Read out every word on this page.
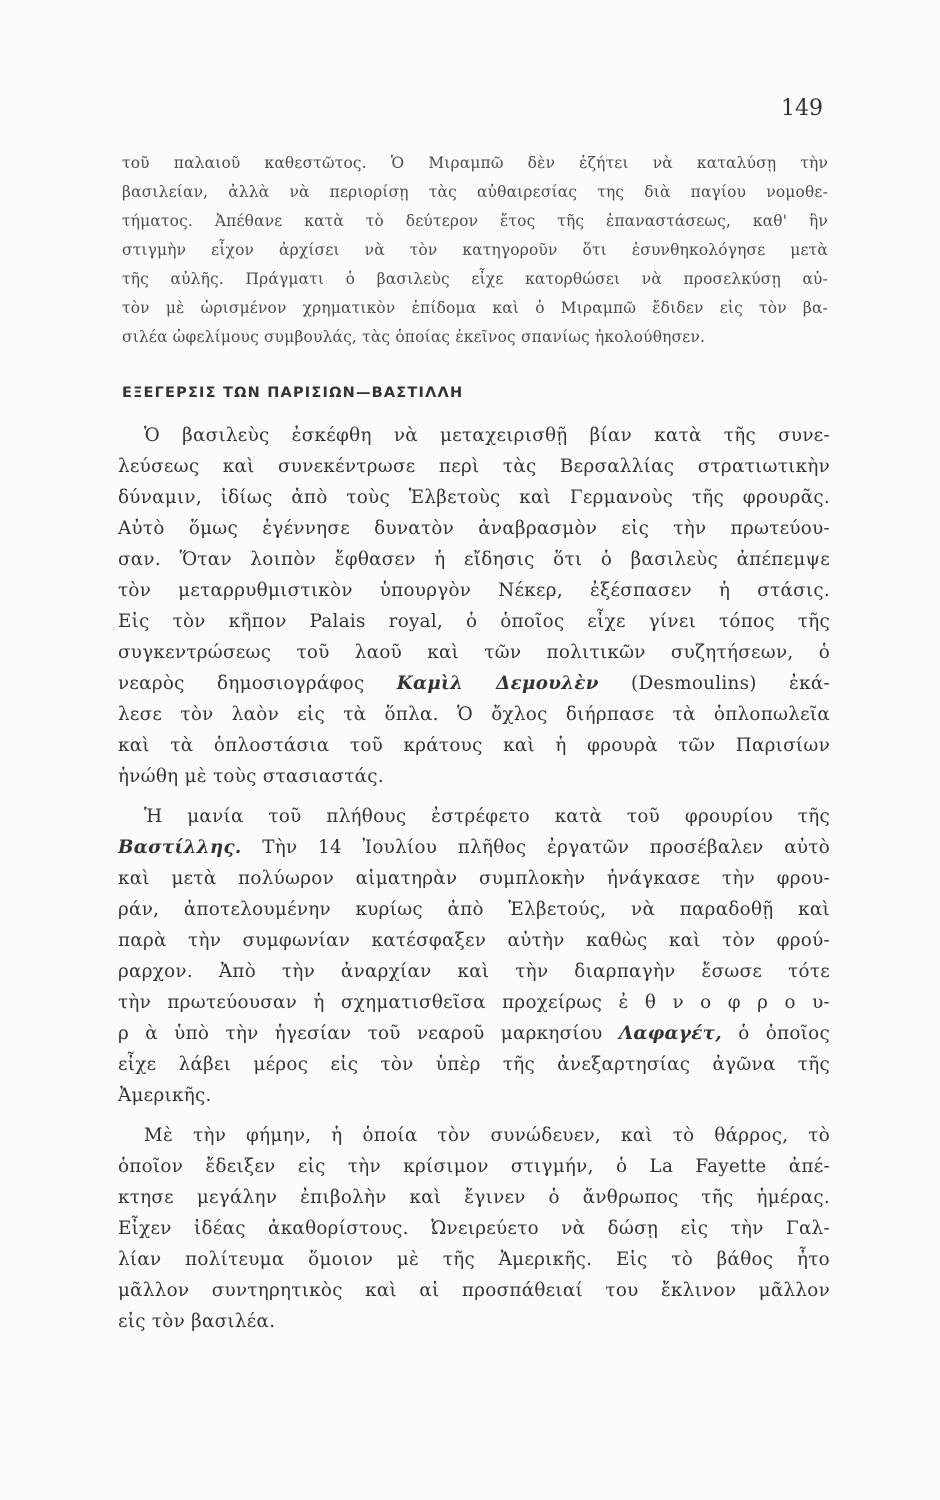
149
τοῦ παλαιοῦ καθεστῶτος. Ὁ Μιραμπῶ δὲν ἐζήτει νὰ καταλύσῃ τὴν
βασιλείαν, ἀλλὰ νὰ περιορίσῃ τὰς αὐθαιρεσίας της διὰ παγίου νομοθε-
τήματος. Ἀπέθανε κατὰ τὸ δεύτερον ἔτος τῆς ἐπαναστάσεως, καθ' ἣν
στιγμὴν εἶχον ἀρχίσει νὰ τὸν κατηγοροῦν ὅτι ἐσυνθηκολόγησε μετὰ
τῆς αὐλῆς. Πράγματι ὁ βασιλεὺς εἶχε κατορθώσει νὰ προσελκύσῃ αὐ-
τὸν μὲ ὡρισμένον χρηματικὸν ἐπίδομα καὶ ὁ Μιραμπῶ ἔδιδεν εἰς τὸν βα-
σιλέα ὠφελίμους συμβουλάς, τὰς ὁποίας ἐκεῖνος σπανίως ἠκολούθησεν.
ΕΞΕΓΕΡΣΙΣ ΤΩΝ ΠΑΡΙΣΙΩΝ—ΒΑΣΤΙΛΛΗ
Ὁ βασιλεὺς ἐσκέφθη νὰ μεταχειρισθῇ βίαν κατὰ τῆς συνε-
λεύσεως καὶ συνεκέντρωσε περὶ τὰς Βερσαλλίας στρατιωτικὴν
δύναμιν, ἰδίως ἀπὸ τοὺς Ἑλβετοὺς καὶ Γερμανοὺς τῆς φρουρᾶς.
Αὐτὸ ὅμως ἐγέννησε δυνατὸν ἀναβρασμὸν εἰς τὴν πρωτεύου-
σαν. Ὅταν λοιπὸν ἔφθασεν ἡ εἴδησις ὅτι ὁ βασιλεὺς ἀπέπεμψε
τὸν μεταρρυθμιστικὸν ὑπουργὸν Νέκερ, ἐξέσπασεν ἡ στάσις.
Εἰς τὸν κῆπον Palais royal, ὁ ὁποῖος εἶχε γίνει τόπος τῆς
συγκεντρώσεως τοῦ λαοῦ καὶ τῶν πολιτικῶν συζητήσεων, ὁ
νεαρὸς δημοσιογράφος Καμὶλ Δεμουλὲν (Desmoulins) ἐκά-
λεσε τὸν λαὸν εἰς τὰ ὅπλα. Ὁ ὄχλος διήρπασε τὰ ὁπλοπωλεῖα
καὶ τὰ ὁπλοστάσια τοῦ κράτους καὶ ἡ φρουρὰ τῶν Παρισίων
ἡνώθη μὲ τοὺς στασιαστάς.
Ἡ μανία τοῦ πλήθους ἐστρέφετο κατὰ τοῦ φρουρίου τῆς
Βαστίλλης. Τὴν 14 Ἰουλίου πλῆθος ἐργατῶν προσέβαλεν αὐτὸ
καὶ μετὰ πολύωρον αἱματηρὰν συμπλοκὴν ἠνάγκασε τὴν φρου-
ράν, ἀποτελουμένην κυρίως ἀπὸ Ἑλβετούς, νὰ παραδοθῇ καὶ
παρὰ τὴν συμφωνίαν κατέσφαξεν αὐτὴν καθὼς καὶ τὸν φρού-
ραρχον. Ἀπὸ τὴν ἀναρχίαν καὶ τὴν διαρπαγὴν ἔσωσε τότε
τὴν πρωτεύουσαν ἡ σχηματισθεῖσα προχείρως ἐ θ ν ο φ ρ ο υ-
ρ ὰ ὑπὸ τὴν ἡγεσίαν τοῦ νεαροῦ μαρκησίου Λαφαγέτ, ὁ ὁποῖος
εἶχε λάβει μέρος εἰς τὸν ὑπὲρ τῆς ἀνεξαρτησίας ἀγῶνα τῆς
Ἀμερικῆς.
Μὲ τὴν φήμην, ἡ ὁποία τὸν συνώδευεν, καὶ τὸ θάρρος, τὸ
ὁποῖον ἔδειξεν εἰς τὴν κρίσιμον στιγμήν, ὁ La Fayette ἀπέ-
κτησε μεγάλην ἐπιβολὴν καὶ ἔγινεν ὁ ἄνθρωπος τῆς ἡμέρας.
Εἶχεν ἰδέας ἀκαθορίστους. Ὠνειρεύετο νὰ δώσῃ εἰς τὴν Γαλ-
λίαν πολίτευμα ὅμοιον μὲ τῆς Ἀμερικῆς. Εἰς τὸ βάθος ἦτο
μᾶλλον συντηρητικὸς καὶ αἱ προσπάθειαί του ἔκλινον μᾶλλον
εἰς τὸν βασιλέα.
